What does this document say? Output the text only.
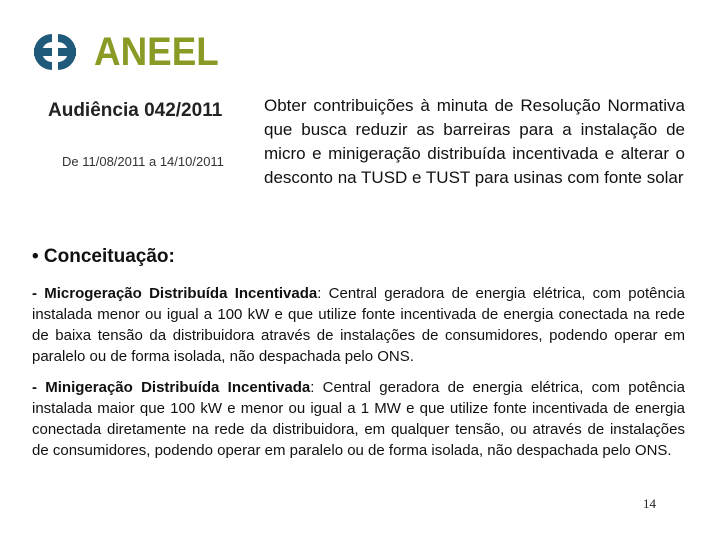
ANEEL
Audiência 042/2011
De 11/08/2011 a 14/10/2011
Obter contribuições à minuta de Resolução Normativa que busca reduzir as barreiras para a instalação de micro e minigeração distribuída incentivada e alterar o desconto na TUSD e TUST para usinas com fonte solar
• Conceituação:
- Microgeração Distribuída Incentivada: Central geradora de energia elétrica, com potência instalada menor ou igual a 100 kW e que utilize fonte incentivada de energia conectada na rede de baixa tensão da distribuidora através de instalações de consumidores, podendo operar em paralelo ou de forma isolada, não despachada pelo ONS.
- Minigeração Distribuída Incentivada: Central geradora de energia elétrica, com potência instalada maior que 100 kW e menor ou igual a 1 MW e que utilize fonte incentivada de energia conectada diretamente na rede da distribuidora, em qualquer tensão, ou através de instalações de consumidores, podendo operar em paralelo ou de forma isolada, não despachada pelo ONS.
14
